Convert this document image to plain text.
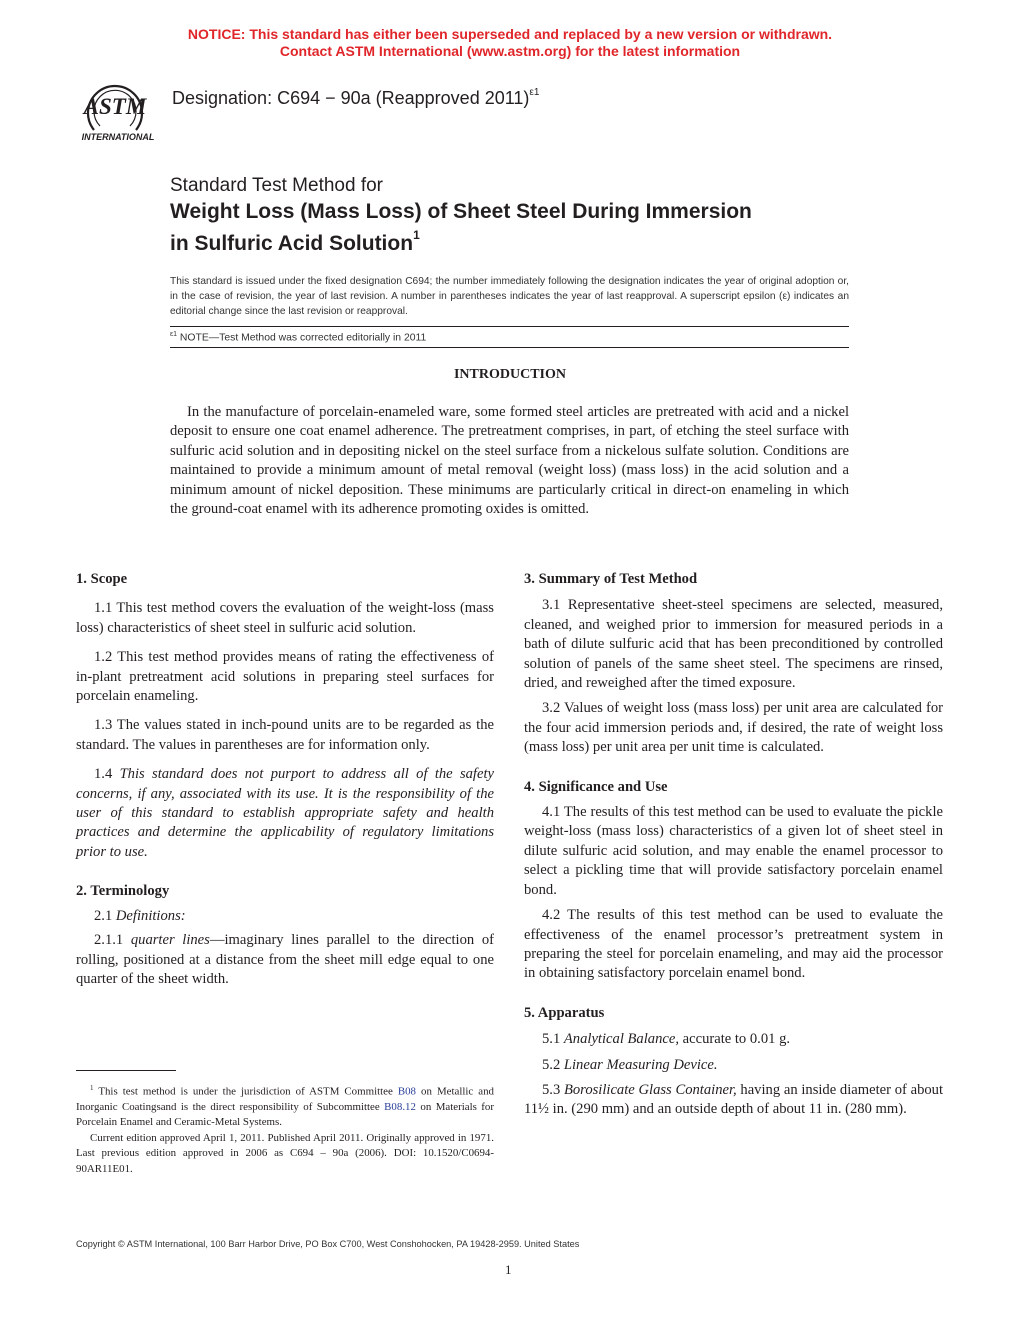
NOTICE: This standard has either been superseded and replaced by a new version or withdrawn.
Contact ASTM International (www.astm.org) for the latest information
ASTM
INTERNATIONAL
Designation: C694 − 90a (Reapproved 2011)$^{\varepsilon 1}$
Standard Test Method for
Weight Loss (Mass Loss) of Sheet Steel During Immersion
in Sulfuric Acid Solution$^1$
This standard is issued under the fixed designation C694; the number immediately following the designation indicates the year of original adoption or, in the case of revision, the year of last revision. A number in parentheses indicates the year of last reapproval. A superscript epsilon (ε) indicates an editorial change since the last revision or reapproval.
$^{\varepsilon 1}$ NOTE—Test Method was corrected editorially in 2011
INTRODUCTION
In the manufacture of porcelain-enameled ware, some formed steel articles are pretreated with acid and a nickel deposit to ensure one coat enamel adherence. The pretreatment comprises, in part, of etching the steel surface with sulfuric acid solution and in depositing nickel on the steel surface from a nickelous sulfate solution. Conditions are maintained to provide a minimum amount of metal removal (weight loss) (mass loss) in the acid solution and a minimum amount of nickel deposition. These minimums are particularly critical in direct-on enameling in which the ground-coat enamel with its adherence promoting oxides is omitted.
1. Scope
1.1 This test method covers the evaluation of the weight-loss (mass loss) characteristics of sheet steel in sulfuric acid solution.
1.2 This test method provides means of rating the effectiveness of in-plant pretreatment acid solutions in preparing steel surfaces for porcelain enameling.
1.3 The values stated in inch-pound units are to be regarded as the standard. The values in parentheses are for information only.
1.4 This standard does not purport to address all of the safety concerns, if any, associated with its use. It is the responsibility of the user of this standard to establish appropriate safety and health practices and determine the applicability of regulatory limitations prior to use.
2. Terminology
2.1 Definitions:
2.1.1 quarter lines—imaginary lines parallel to the direction of rolling, positioned at a distance from the sheet mill edge equal to one quarter of the sheet width.
3. Summary of Test Method
3.1 Representative sheet-steel specimens are selected, measured, cleaned, and weighed prior to immersion for measured periods in a bath of dilute sulfuric acid that has been preconditioned by controlled solution of panels of the same sheet steel. The specimens are rinsed, dried, and reweighed after the timed exposure.
3.2 Values of weight loss (mass loss) per unit area are calculated for the four acid immersion periods and, if desired, the rate of weight loss (mass loss) per unit area per unit time is calculated.
4. Significance and Use
4.1 The results of this test method can be used to evaluate the pickle weight-loss (mass loss) characteristics of a given lot of sheet steel in dilute sulfuric acid solution, and may enable the enamel processor to select a pickling time that will provide satisfactory porcelain enamel bond.
4.2 The results of this test method can be used to evaluate the effectiveness of the enamel processor’s pretreatment system in preparing the steel for porcelain enameling, and may aid the processor in obtaining satisfactory porcelain enamel bond.
5. Apparatus
5.1 Analytical Balance, accurate to 0.01 g.
5.2 Linear Measuring Device.
5.3 Borosilicate Glass Container, having an inside diameter of about 11½ in. (290 mm) and an outside depth of about 11 in. (280 mm).
$^1$ This test method is under the jurisdiction of ASTM Committee B08 on Metallic and Inorganic Coatingsand is the direct responsibility of Subcommittee B08.12 on Materials for Porcelain Enamel and Ceramic-Metal Systems.
Current edition approved April 1, 2011. Published April 2011. Originally approved in 1971. Last previous edition approved in 2006 as C694 – 90a (2006). DOI: 10.1520/C0694-90AR11E01.
Copyright © ASTM International, 100 Barr Harbor Drive, PO Box C700, West Conshohocken, PA 19428-2959. United States
1
